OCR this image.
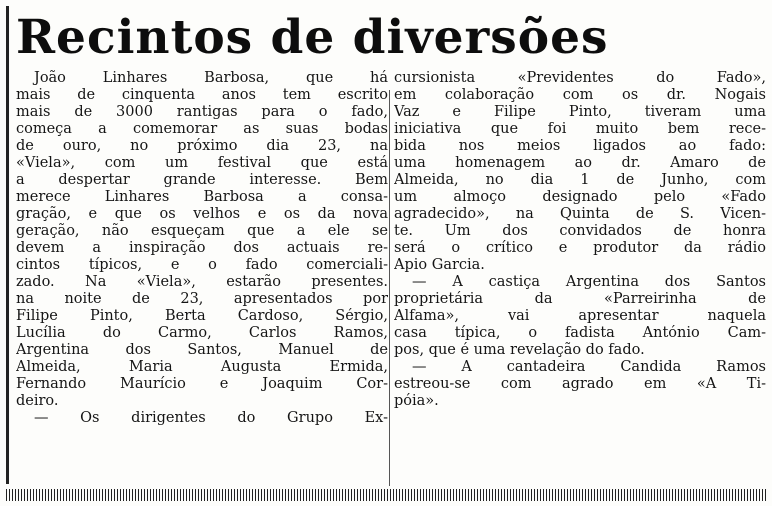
Recintos de diversões
João Linhares Barbosa, que há
mais de cinquenta anos tem escrito
mais de 3000 rantigas para o fado,
começa a comemorar as suas bodas
de ouro, no próximo dia 23, na
«Viela», com um festival que está
a despertar grande interesse. Bem
merece Linhares Barbosa a consa-
gração, e que os velhos e os da nova
geração, não esqueçam que a ele se
devem a inspiração dos actuais re-
cintos típicos, e o fado comerciali-
zado. Na «Viela», estarão presentes.
na noite de 23, apresentados por
Filipe Pinto, Berta Cardoso, Sérgio,
Lucília do Carmo, Carlos Ramos,
Argentina dos Santos, Manuel de
Almeida, Maria Augusta Ermida,
Fernando Maurício e Joaquim Cor-
deiro.
— Os dirigentes do Grupo Ex-
cursionista «Previdentes do Fado»,
em colaboração com os dr. Nogais
Vaz e Filipe Pinto, tiveram uma
iniciativa que foi muito bem rece-
bida nos meios ligados ao fado:
uma homenagem ao dr. Amaro de
Almeida, no dia 1 de Junho, com
um almoço designado pelo «Fado
agradecido», na Quinta de S. Vicen-
te. Um dos convidados de honra
será o crítico e produtor da rádio
Ápio Garcia.
— A castiça Argentina dos Santos
proprietária da «Parreirinha de
Alfama», vai apresentar naquela
casa típica, o fadista António Cam-
pos, que é uma revelação do fado.
— A cantadeira Candida Ramos
estreou-se com agrado em «A Ti-
póia».
